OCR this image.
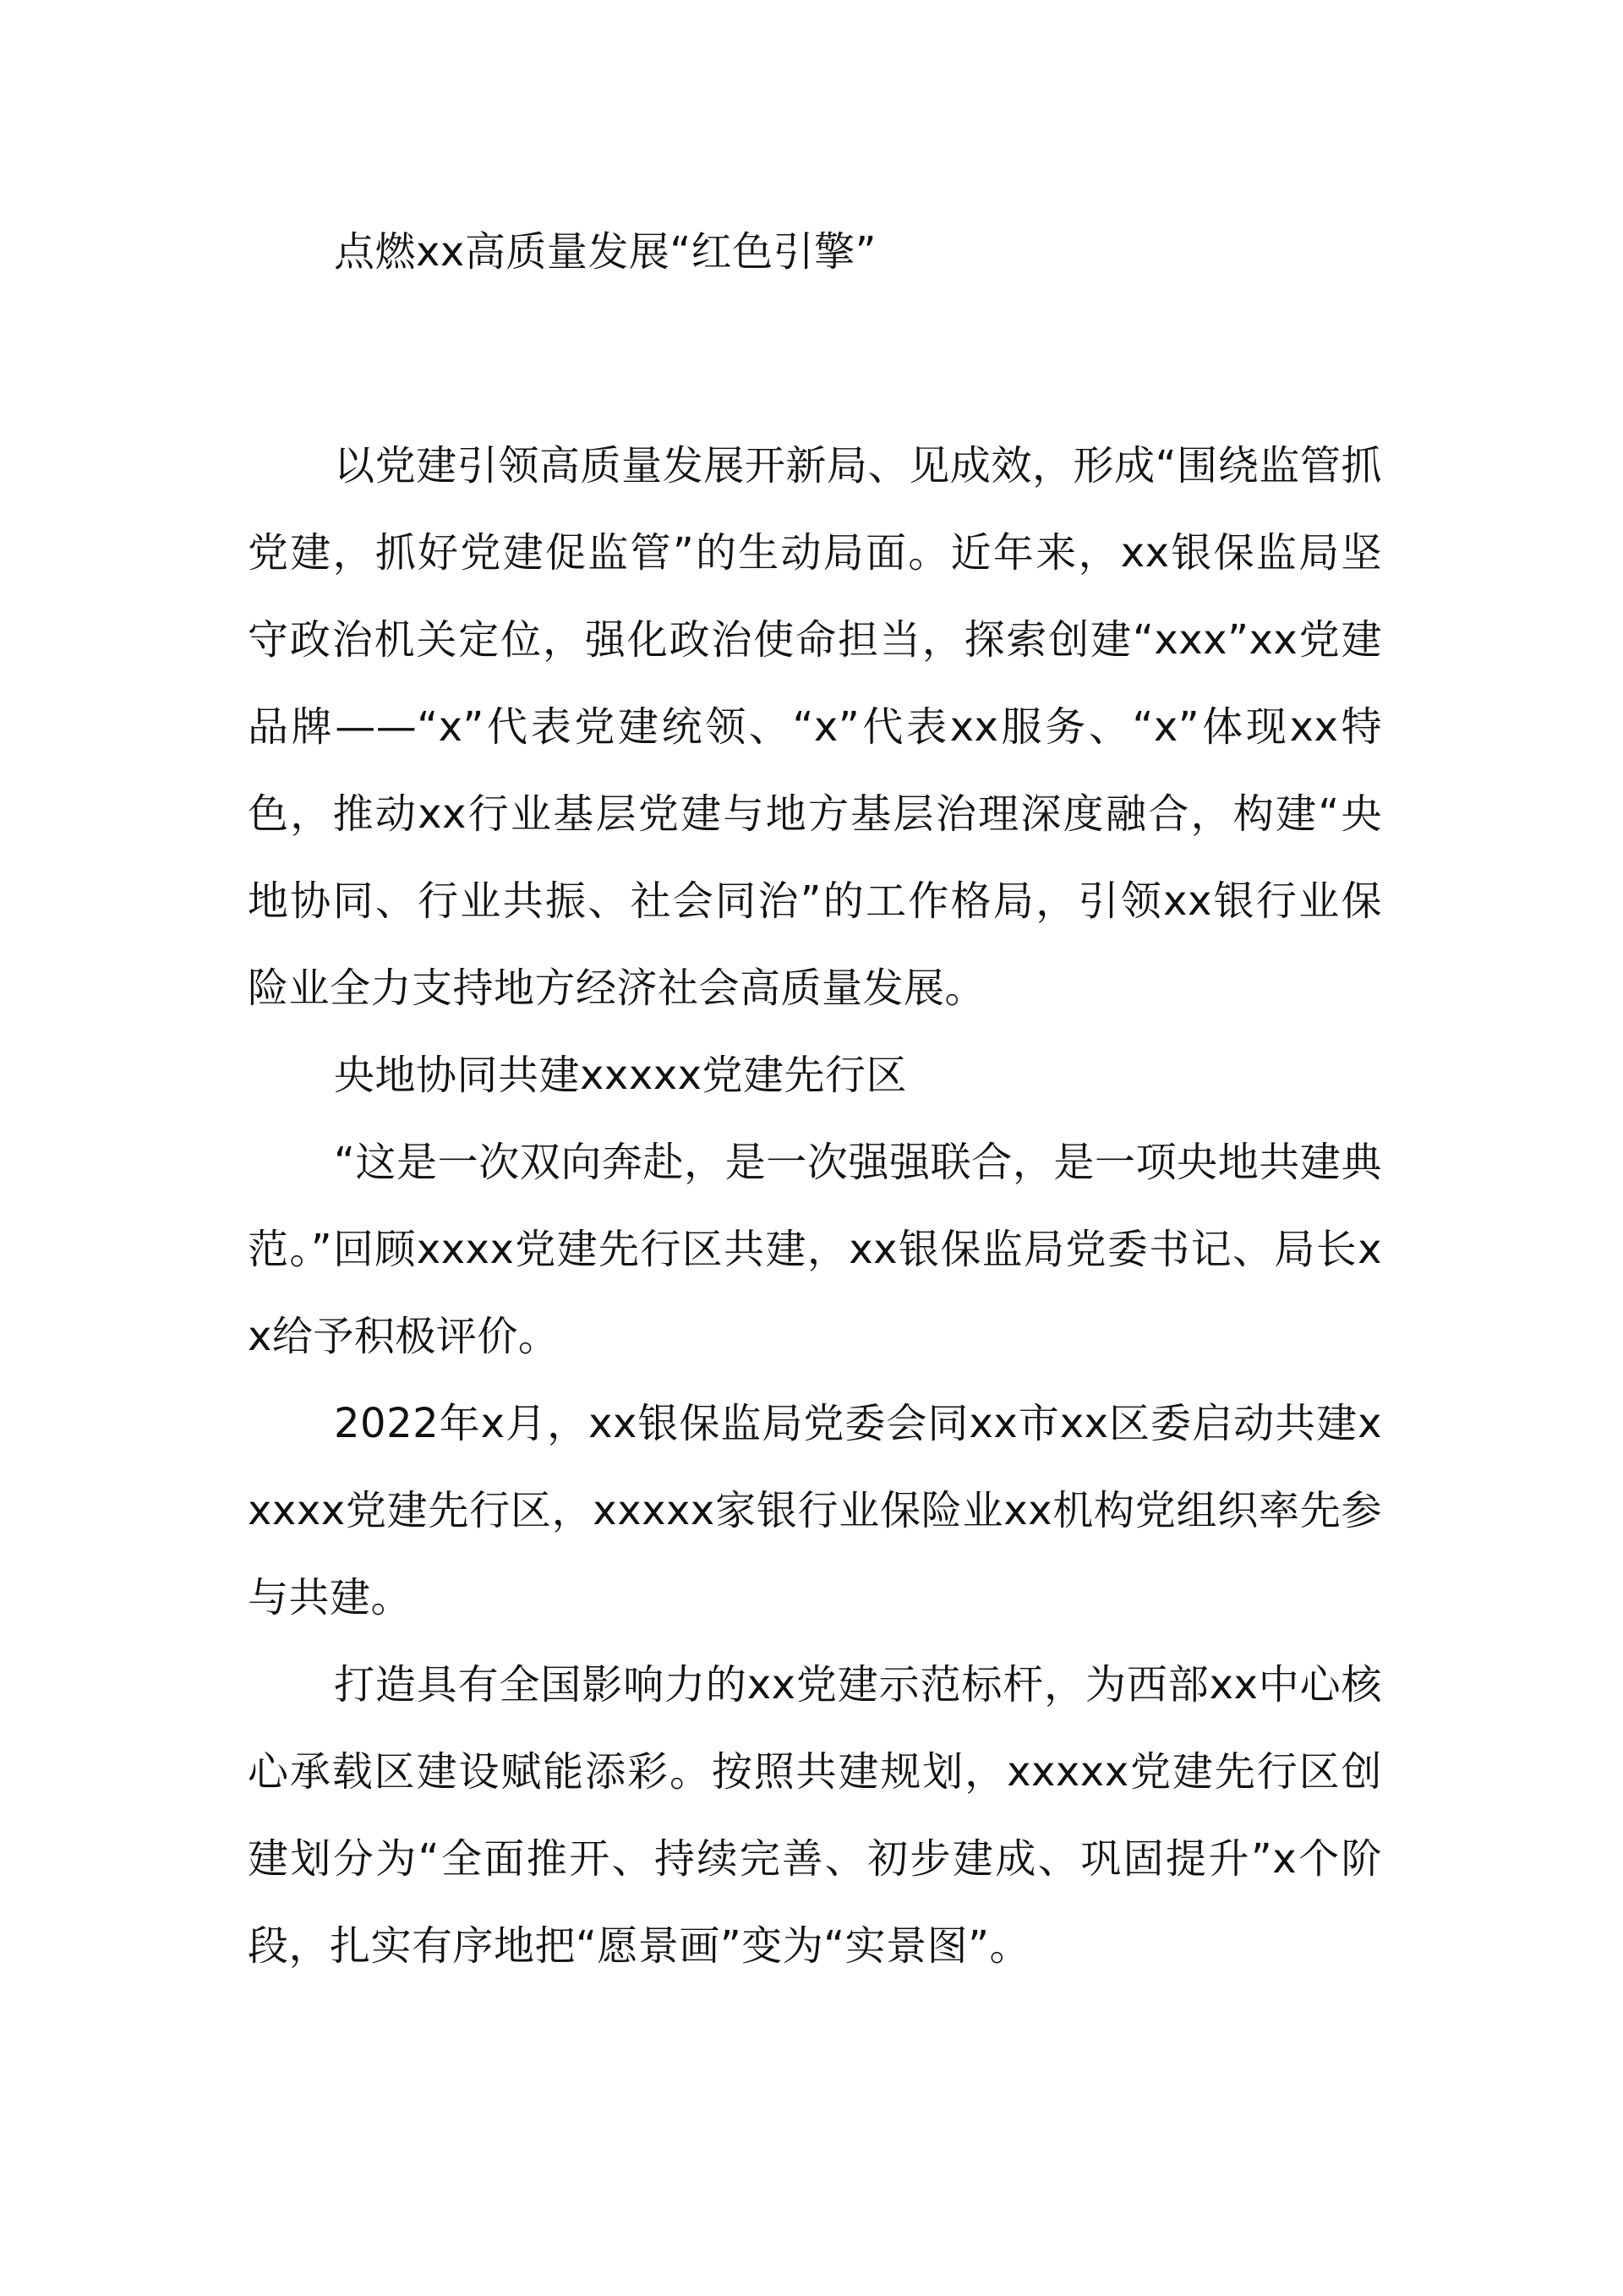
点燃xx高质量发展“红色引擎”

以党建引领高质量发展开新局、见成效，形成“围绕监管抓党建，抓好党建促监管”的生动局面。近年来，xx银保监局坚守政治机关定位，强化政治使命担当，探索创建“xxx”xx党建品牌——“x”代表党建统领、“x”代表xx服务、“x”体现xx特色，推动xx行业基层党建与地方基层治理深度融合，构建“央地协同、行业共振、社会同治”的工作格局，引领xx银行业保险业全力支持地方经济社会高质量发展。

央地协同共建xxxxx党建先行区

“这是一次双向奔赴，是一次强强联合，是一项央地共建典范。”回顾xxxx党建先行区共建，xx银保监局党委书记、局长xx给予积极评价。

2022年x月，xx银保监局党委会同xx市xx区委启动共建xxxxx党建先行区，xxxxx家银行业保险业xx机构党组织率先参与共建。

打造具有全国影响力的xx党建示范标杆，为西部xx中心核心承载区建设赋能添彩。按照共建规划，xxxxx党建先行区创建划分为“全面推开、持续完善、初步建成、巩固提升”x个阶段，扎实有序地把“愿景画”变为“实景图”。
